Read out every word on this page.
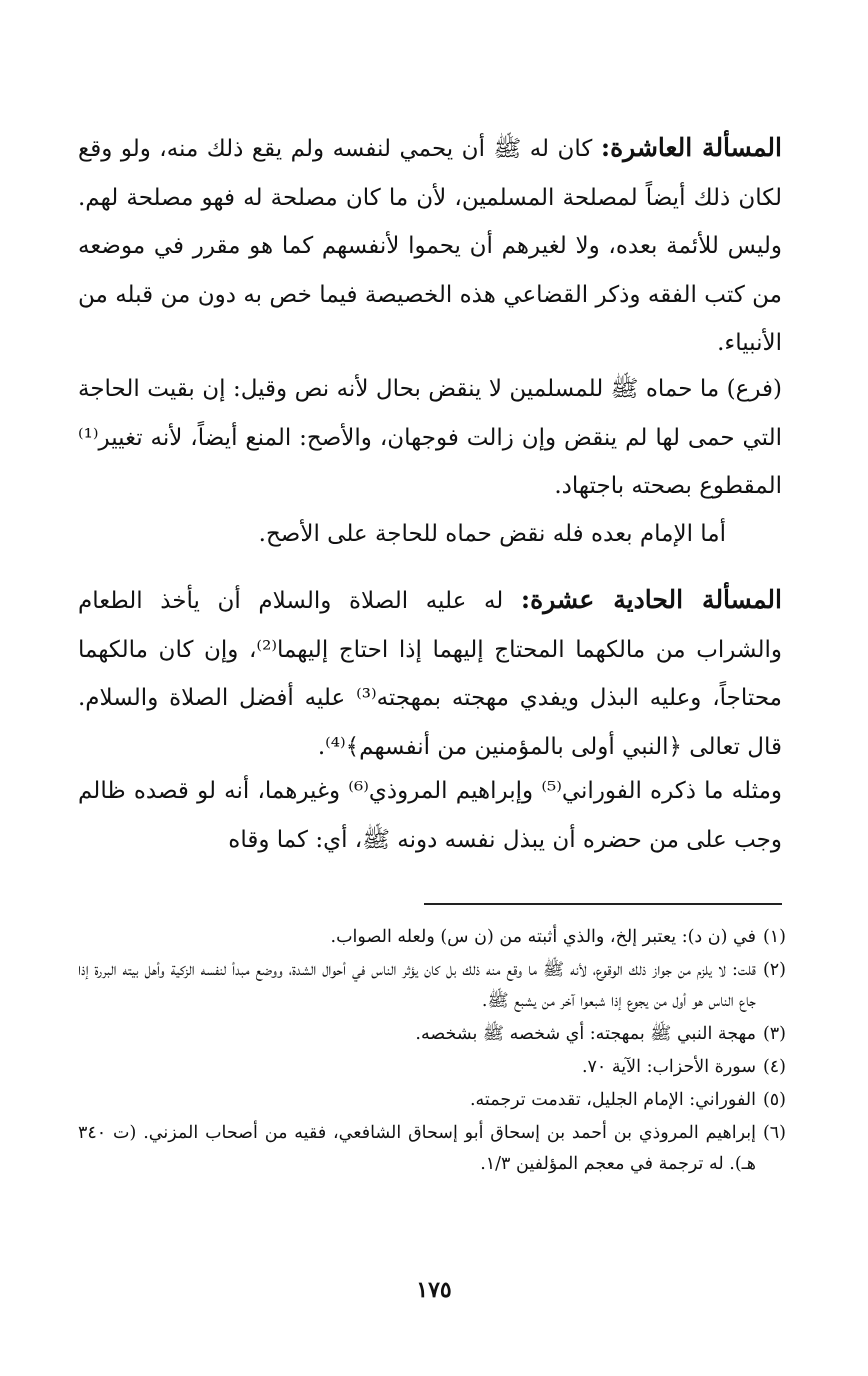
المسألة العاشرة: كان له ﷺ أن يحمي لنفسه ولم يقع ذلك منه، ولو وقع لكان ذلك أيضاً لمصلحة المسلمين، لأن ما كان مصلحة له فهو مصلحة لهم. وليس للأئمة بعده، ولا لغيرهم أن يحموا لأنفسهم كما هو مقرر في موضعه من كتب الفقه وذكر القضاعي هذه الخصيصة فيما خص به دون من قبله من الأنبياء.

(فرع) ما حماه ﷺ للمسلمين لا ينقض بحال لأنه نص وقيل: إن بقيت الحاجة التي حمى لها لم ينقض وإن زالت فوجهان، والأصح: المنع أيضاً، لأنه تغيير⁽¹⁾ المقطوع بصحته باجتهاد.

أما الإمام بعده فله نقض حماه للحاجة على الأصح.

المسألة الحادية عشرة: له عليه الصلاة والسلام أن يأخذ الطعام والشراب من مالكهما المحتاج إليهما إذا احتاج إليهما⁽²⁾، وإن كان مالكهما محتاجاً، وعليه البذل ويفدي مهجته بمهجته⁽³⁾ عليه أفضل الصلاة والسلام. قال تعالى ﴿النبي أولى بالمؤمنين من أنفسهم﴾⁽⁴⁾.

ومثله ما ذكره الفوراني⁽⁵⁾ وإبراهيم المروذي⁽⁶⁾ وغيرهما، أنه لو قصده ظالم وجب على من حضره أن يبذل نفسه دونه ﷺ، أي: كما وقاه

(١)
في (ن د): يعتبر إلخ، والذي أثبته من (ن س) ولعله الصواب.
(٢)
قلت: لا يلزم من جواز ذلك الوقوع، لأنه ﷺ ما وقع منه ذلك بل كان يؤثر الناس في أحوال الشدة، ووضع مبدأ لنفسه الزكية وأهل بيته البررة إذا جاع الناس هو أول من يجوع إذا شبعوا آخر من يشبع ﷺ.
(٣)
مهجة النبي ﷺ بمهجته: أي شخصه ﷺ بشخصه.
(٤)
سورة الأحزاب: الآية ٧٠.
(٥)
الفوراني: الإمام الجليل، تقدمت ترجمته.
(٦)
إبراهيم المروذي بن أحمد بن إسحاق أبو إسحاق الشافعي، فقيه من أصحاب المزني. (ت ٣٤٠ هـ). له ترجمة في معجم المؤلفين ١/٣.
١٧٥
